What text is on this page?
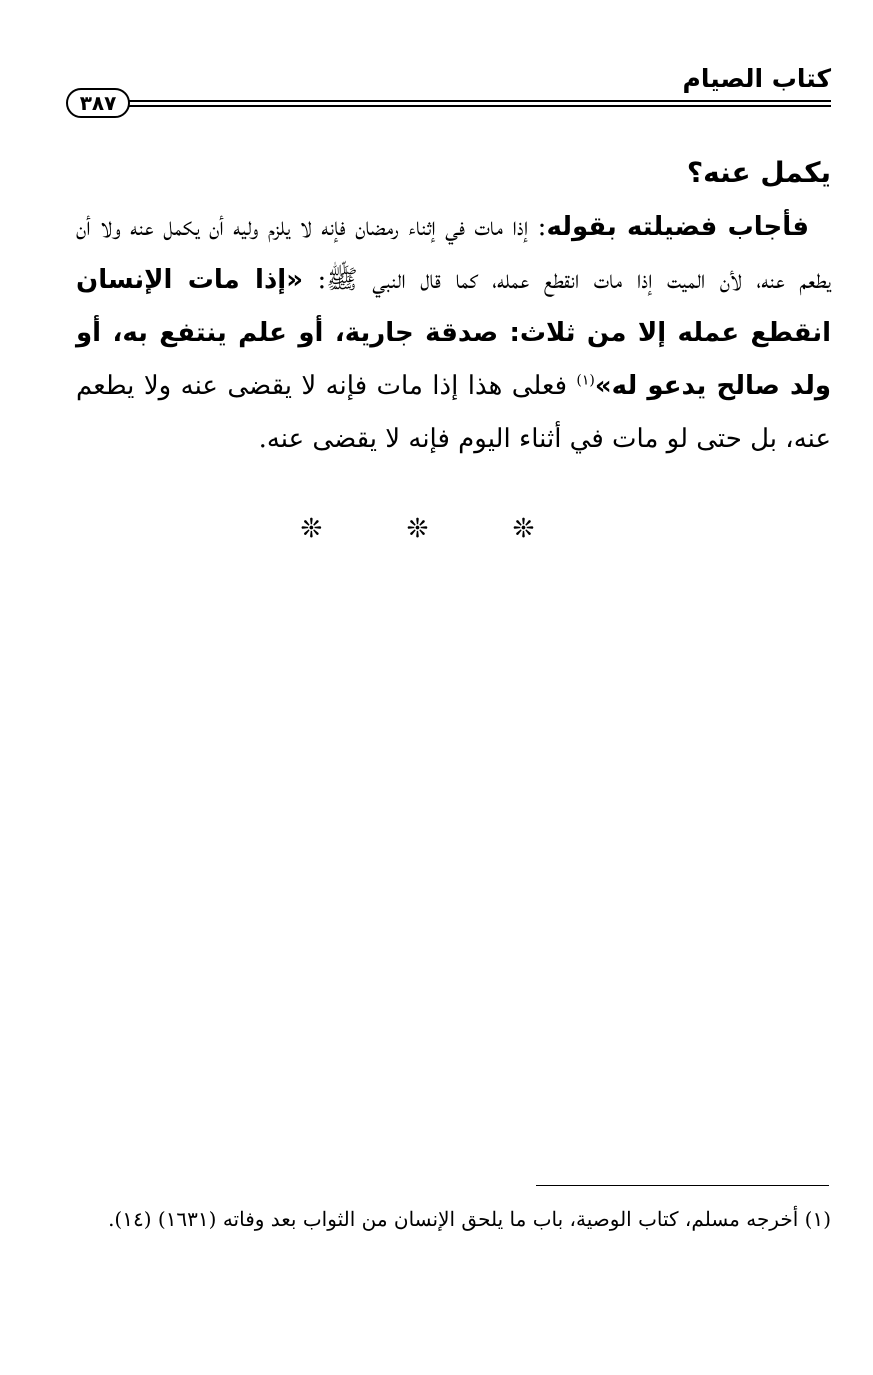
كتاب الصيام
٣٨٧

يكمل عنه؟

فأجاب فضيلته بقوله: إذا مات في إثناء رمضان فإنه لا يلزم وليه أن يكمل عنه ولا أن يطعم عنه، لأن الميت إذا مات انقطع عمله، كما قال النبي ﷺ: «إذا مات الإنسان انقطع عمله إلا من ثلاث: صدقة جارية، أو علم ينتفع به، أو ولد صالح يدعو له»$^{(١)}$ فعلى هذا إذا مات فإنه لا يقضى عنه ولا يطعم عنه، بل حتى لو مات في أثناء اليوم فإنه لا يقضى عنه.

❊ ❊ ❊

(١) أخرجه مسلم، كتاب الوصية، باب ما يلحق الإنسان من الثواب بعد وفاته (١٦٣١) (١٤).
